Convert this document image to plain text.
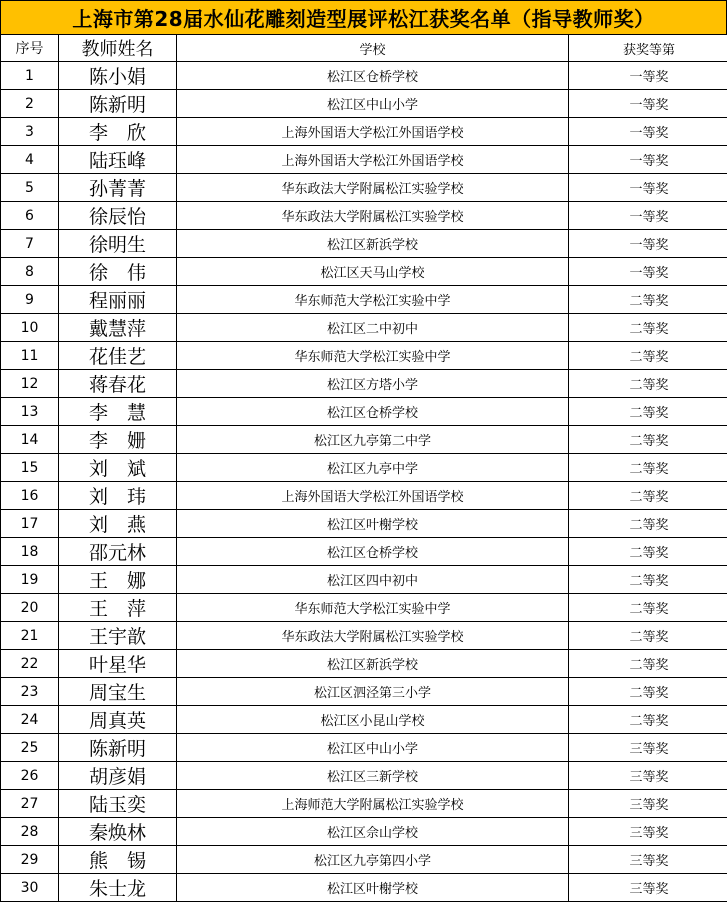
上海市第28届水仙花雕刻造型展评松江获奖名单（指导教师奖）
序号	教师姓名	学校	获奖等第
1	陈小娟	松江区仓桥学校	一等奖
2	陈新明	松江区中山小学	一等奖
3	李　欣	上海外国语大学松江外国语学校	一等奖
4	陆珏峰	上海外国语大学松江外国语学校	一等奖
5	孙菁菁	华东政法大学附属松江实验学校	一等奖
6	徐辰怡	华东政法大学附属松江实验学校	一等奖
7	徐明生	松江区新浜学校	一等奖
8	徐　伟	松江区天马山学校	一等奖
9	程丽丽	华东师范大学松江实验中学	二等奖
10	戴慧萍	松江区二中初中	二等奖
11	花佳艺	华东师范大学松江实验中学	二等奖
12	蒋春花	松江区方塔小学	二等奖
13	李　慧	松江区仓桥学校	二等奖
14	李　姗	松江区九亭第二中学	二等奖
15	刘　斌	松江区九亭中学	二等奖
16	刘　玮	上海外国语大学松江外国语学校	二等奖
17	刘　燕	松江区叶榭学校	二等奖
18	邵元林	松江区仓桥学校	二等奖
19	王　娜	松江区四中初中	二等奖
20	王　萍	华东师范大学松江实验中学	二等奖
21	王宇歆	华东政法大学附属松江实验学校	二等奖
22	叶星华	松江区新浜学校	二等奖
23	周宝生	松江区泗泾第三小学	二等奖
24	周真英	松江区小昆山学校	二等奖
25	陈新明	松江区中山小学	三等奖
26	胡彦娟	松江区三新学校	三等奖
27	陆玉奕	上海师范大学附属松江实验学校	三等奖
28	秦焕林	松江区佘山学校	三等奖
29	熊　锡	松江区九亭第四小学	三等奖
30	朱士龙	松江区叶榭学校	三等奖
